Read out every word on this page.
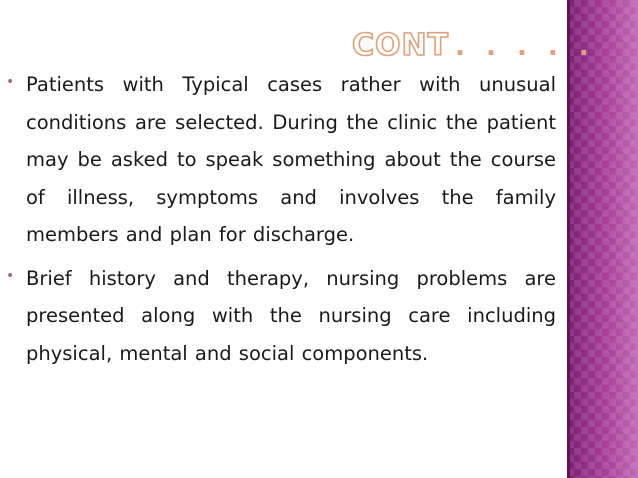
CONT . . . . .
• Patients with Typical cases rather with unusual conditions are selected. During the clinic the patient may be asked to speak something about the course of illness, symptoms and involves the family members and plan for discharge.
• Brief history and therapy, nursing problems are presented along with the nursing care including physical, mental and social components.
